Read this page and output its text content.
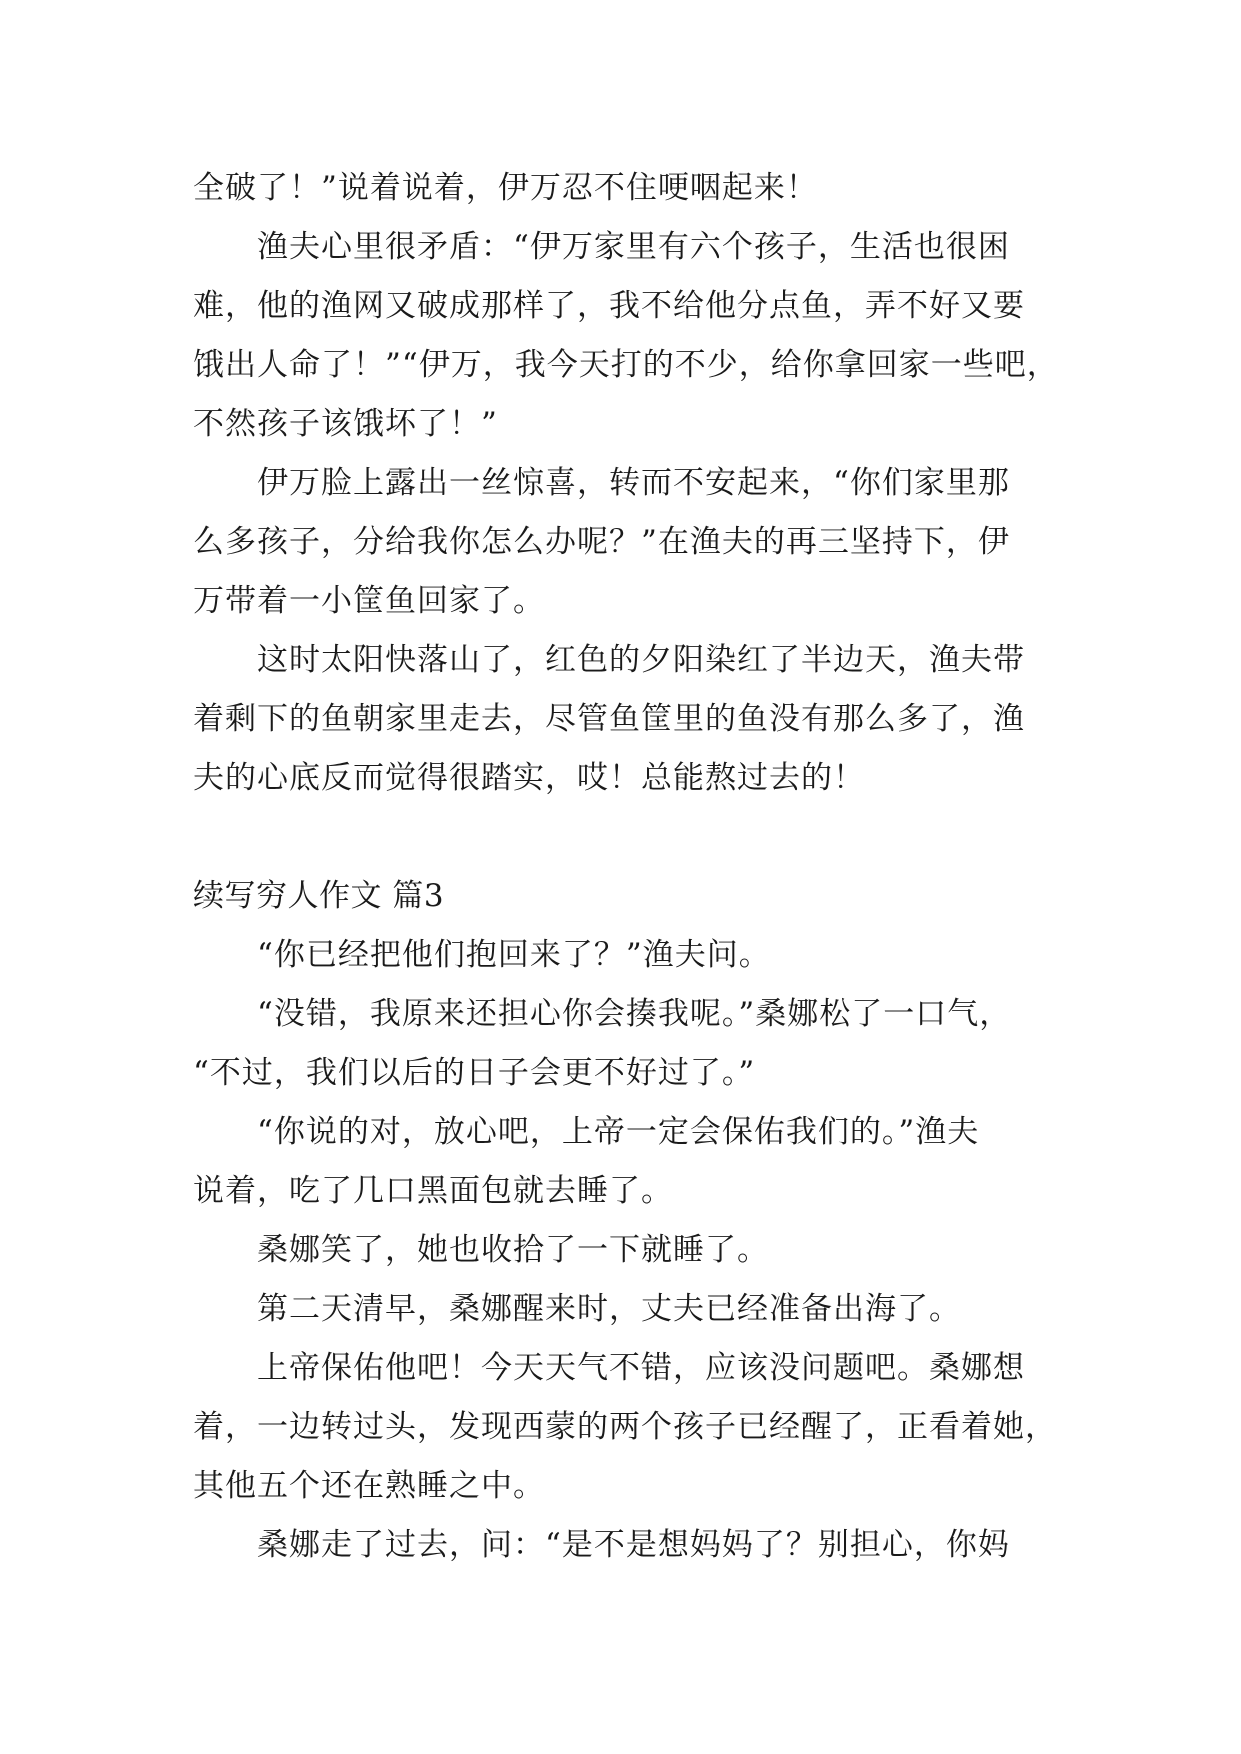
全破了！”说着说着，伊万忍不住哽咽起来！
渔夫心里很矛盾：“伊万家里有六个孩子，生活也很困
难，他的渔网又破成那样了，我不给他分点鱼，弄不好又要
饿出人命了！”“伊万，我今天打的不少，给你拿回家一些吧，
不然孩子该饿坏了！”
伊万脸上露出一丝惊喜，转而不安起来，“你们家里那
么多孩子，分给我你怎么办呢？”在渔夫的再三坚持下，伊
万带着一小筐鱼回家了。
这时太阳快落山了，红色的夕阳染红了半边天，渔夫带
着剩下的鱼朝家里走去，尽管鱼筐里的鱼没有那么多了，渔
夫的心底反而觉得很踏实，哎！总能熬过去的！
续写穷人作文 篇3
“你已经把他们抱回来了？”渔夫问。
“没错，我原来还担心你会揍我呢。”桑娜松了一口气，
“不过，我们以后的日子会更不好过了。”
“你说的对，放心吧，上帝一定会保佑我们的。”渔夫
说着，吃了几口黑面包就去睡了。
桑娜笑了，她也收拾了一下就睡了。
第二天清早，桑娜醒来时，丈夫已经准备出海了。
上帝保佑他吧！今天天气不错，应该没问题吧。桑娜想
着，一边转过头，发现西蒙的两个孩子已经醒了，正看着她，
其他五个还在熟睡之中。
桑娜走了过去，问：“是不是想妈妈了？别担心，你妈
